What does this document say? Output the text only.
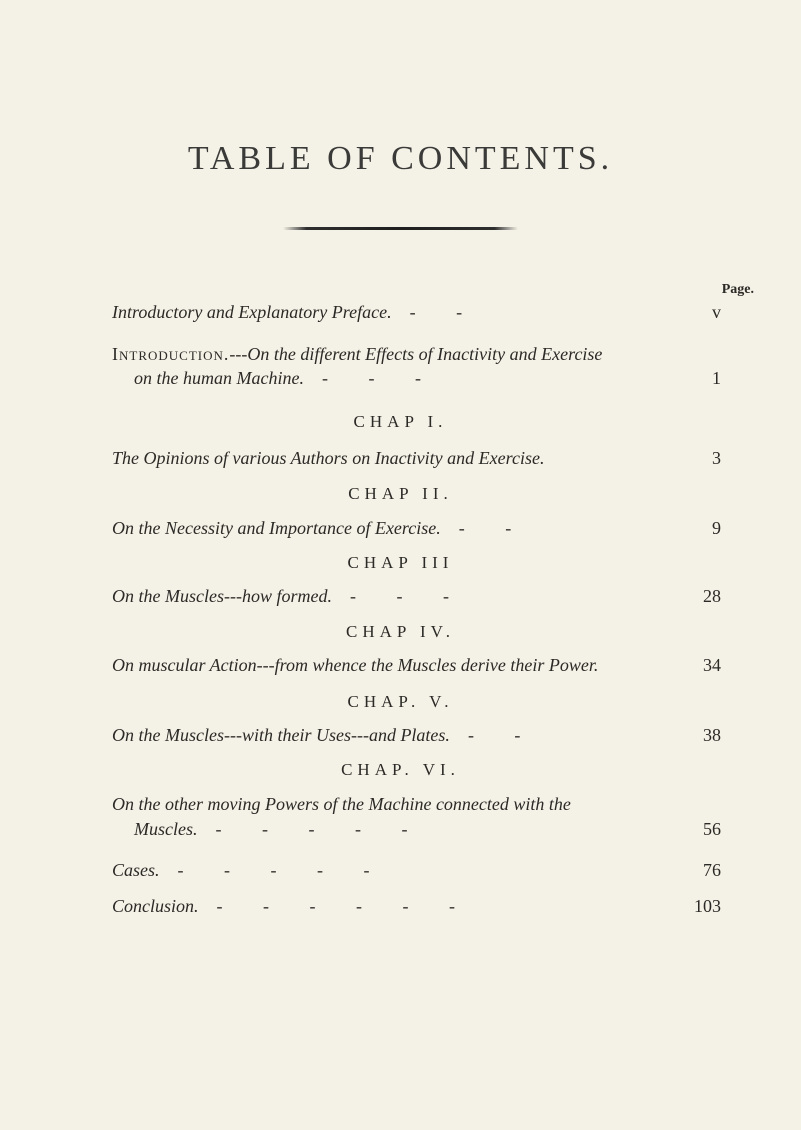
TABLE OF CONTENTS.
Page.
Introductory and Explanatory Preface. - -	v
Introduction.---On the different Effects of Inactivity and Exercise
on the human Machine. - - -	1
CHAP I.
The Opinions of various Authors on Inactivity and Exercise.	3
CHAP II.
On the Necessity and Importance of Exercise. - -	9
CHAP III
On the Muscles---how formed. - - -	28
CHAP IV.
On muscular Action---from whence the Muscles derive their Power.	34
CHAP. V.
On the Muscles---with their Uses---and Plates. - -	38
CHAP. VI.
On the other moving Powers of the Machine connected with the
Muscles. - - - - -	56
Cases. - - - - -	76
Conclusion. - - - - - -	103
